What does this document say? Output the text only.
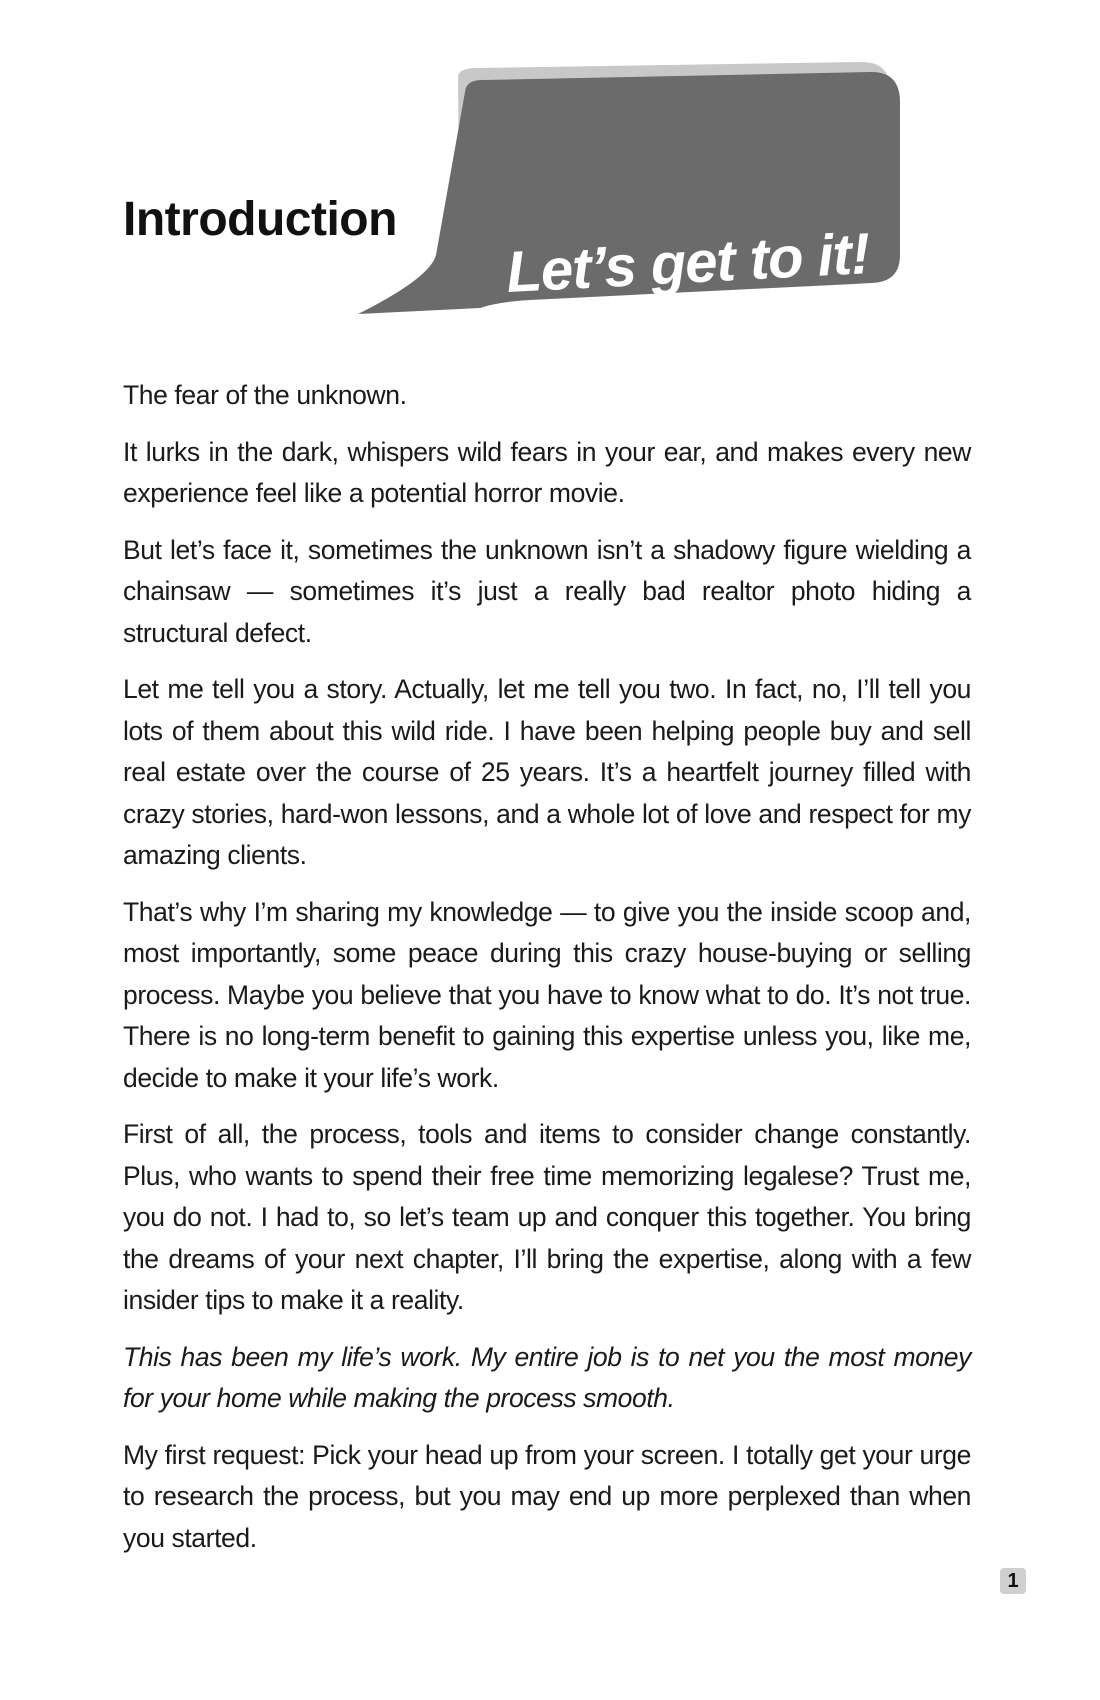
Introduction

Let’s get to it!

The fear of the unknown.

It lurks in the dark, whispers wild fears in your ear, and makes every new experience feel like a potential horror movie.

But let’s face it, sometimes the unknown isn’t a shadowy figure wielding a chainsaw — sometimes it’s just a really bad realtor photo hiding a structural defect.

Let me tell you a story. Actually, let me tell you two. In fact, no, I’ll tell you lots of them about this wild ride. I have been helping people buy and sell real estate over the course of 25 years. It’s a heartfelt journey filled with crazy stories, hard-won lessons, and a whole lot of love and respect for my amazing clients.

That’s why I’m sharing my knowledge — to give you the inside scoop and, most importantly, some peace during this crazy house-buying or selling process. Maybe you believe that you have to know what to do. It’s not true. There is no long-term benefit to gaining this expertise unless you, like me, decide to make it your life’s work.

First of all, the process, tools and items to consider change constantly. Plus, who wants to spend their free time memorizing legalese? Trust me, you do not. I had to, so let’s team up and conquer this together. You bring the dreams of your next chapter, I’ll bring the expertise, along with a few insider tips to make it a reality.

This has been my life’s work. My entire job is to net you the most money for your home while making the process smooth.

My first request: Pick your head up from your screen. I totally get your urge to research the process, but you may end up more perplexed than when you started.

1
